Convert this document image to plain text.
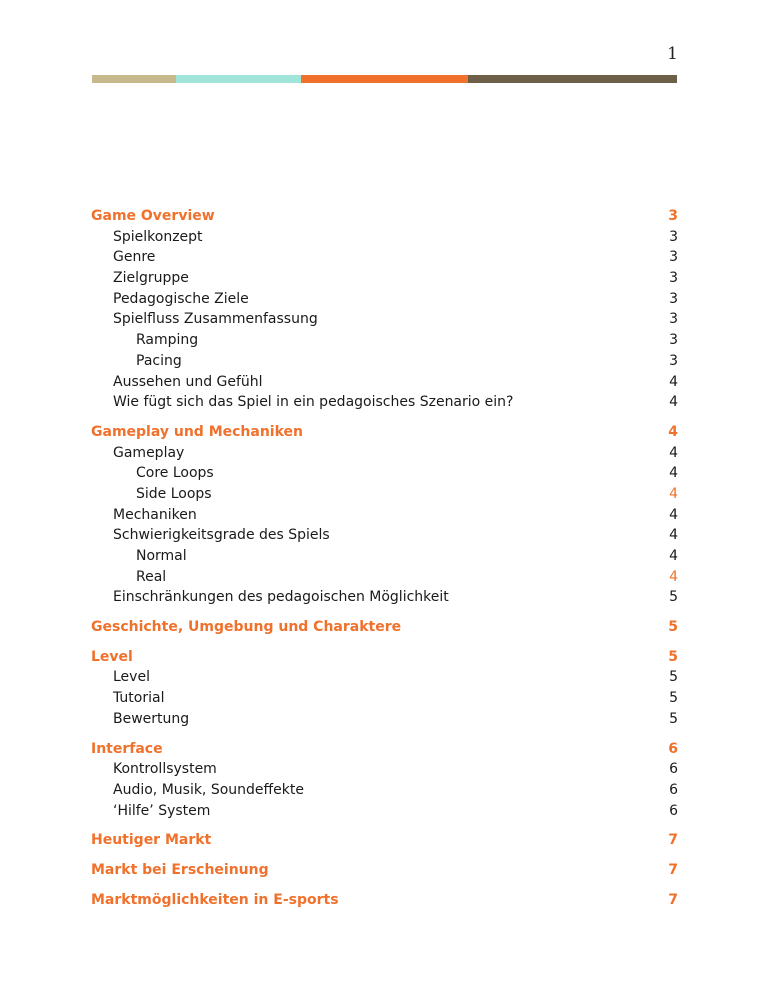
1
Game Overview	3
Spielkonzept	3
Genre	3
Zielgruppe	3
Pedagogische Ziele	3
Spielfluss Zusammenfassung	3
Ramping	3
Pacing	3
Aussehen und Gefühl	4
Wie fügt sich das Spiel in ein pedagoisches Szenario ein?	4
Gameplay und Mechaniken	4
Gameplay	4
Core Loops	4
Side Loops	4
Mechaniken	4
Schwierigkeitsgrade des Spiels	4
Normal	4
Real	4
Einschränkungen des pedagoischen Möglichkeit	5
Geschichte, Umgebung und Charaktere	5
Level	5
Level	5
Tutorial	5
Bewertung	5
Interface	6
Kontrollsystem	6
Audio, Musik, Soundeffekte	6
‘Hilfe’ System	6
Heutiger Markt	7
Markt bei Erscheinung	7
Marktmöglichkeiten in E-sports	7
